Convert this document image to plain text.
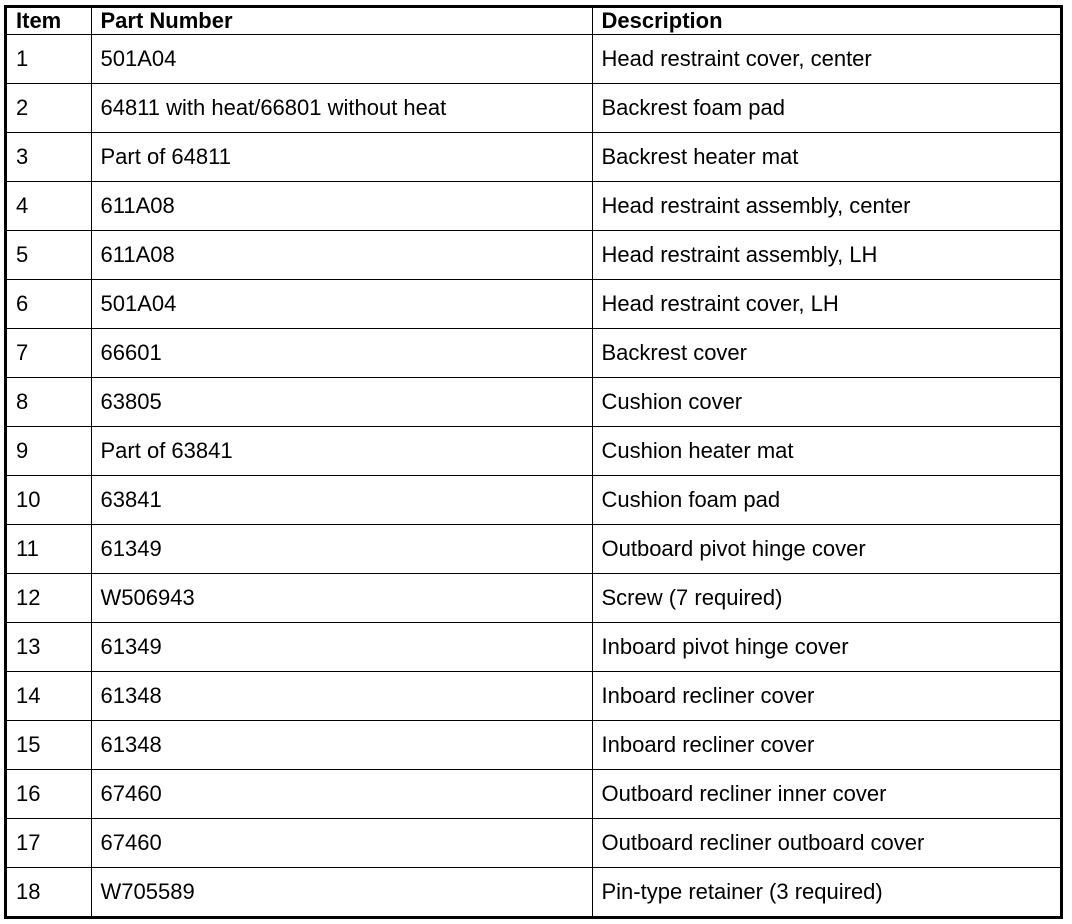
Item	Part Number	Description
1	501A04	Head restraint cover, center
2	64811 with heat/66801 without heat	Backrest foam pad
3	Part of 64811	Backrest heater mat
4	611A08	Head restraint assembly, center
5	611A08	Head restraint assembly, LH
6	501A04	Head restraint cover, LH
7	66601	Backrest cover
8	63805	Cushion cover
9	Part of 63841	Cushion heater mat
10	63841	Cushion foam pad
11	61349	Outboard pivot hinge cover
12	W506943	Screw (7 required)
13	61349	Inboard pivot hinge cover
14	61348	Inboard recliner cover
15	61348	Inboard recliner cover
16	67460	Outboard recliner inner cover
17	67460	Outboard recliner outboard cover
18	W705589	Pin-type retainer (3 required)
